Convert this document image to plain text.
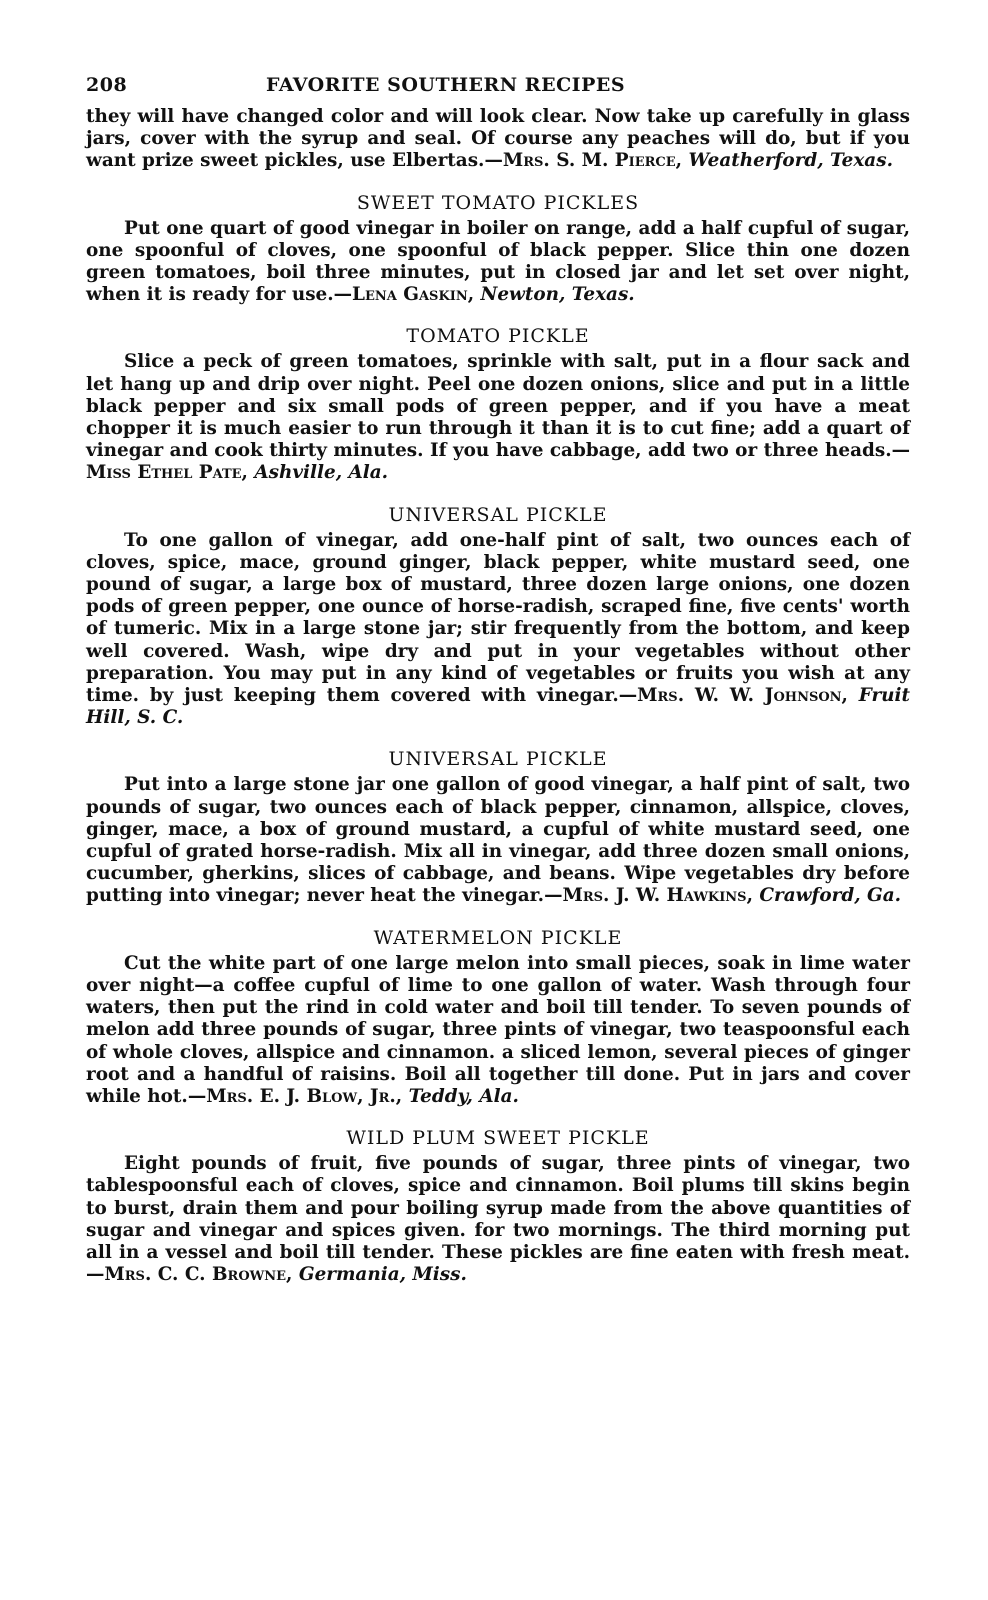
208	FAVORITE SOUTHERN RECIPES

they will have changed color and will look clear. Now take up carefully in glass jars, cover with the syrup and seal. Of course any peaches will do, but if you want prize sweet pickles, use Elbertas.—Mrs. S. M. Pierce, Weatherford, Texas.

SWEET TOMATO PICKLES

Put one quart of good vinegar in boiler on range, add a half cupful of sugar, one spoonful of cloves, one spoonful of black pepper. Slice thin one dozen green tomatoes, boil three minutes, put in closed jar and let set over night, when it is ready for use.—Lena Gaskin, Newton, Texas.

TOMATO PICKLE

Slice a peck of green tomatoes, sprinkle with salt, put in a flour sack and let hang up and drip over night. Peel one dozen onions, slice and put in a little black pepper and six small pods of green pepper, and if you have a meat chopper it is much easier to run through it than it is to cut fine; add a quart of vinegar and cook thirty minutes. If you have cabbage, add two or three heads.—Miss Ethel Pate, Ashville, Ala.

UNIVERSAL PICKLE

To one gallon of vinegar, add one-half pint of salt, two ounces each of cloves, spice, mace, ground ginger, black pepper, white mustard seed, one pound of sugar, a large box of mustard, three dozen large onions, one dozen pods of green pepper, one ounce of horse-radish, scraped fine, five cents' worth of tumeric. Mix in a large stone jar; stir frequently from the bottom, and keep well covered. Wash, wipe dry and put in your vegetables without other preparation. You may put in any kind of vegetables or fruits you wish at any time. by just keeping them covered with vinegar.—Mrs. W. W. Johnson, Fruit Hill, S. C.

UNIVERSAL PICKLE

Put into a large stone jar one gallon of good vinegar, a half pint of salt, two pounds of sugar, two ounces each of black pepper, cinnamon, allspice, cloves, ginger, mace, a box of ground mustard, a cupful of white mustard seed, one cupful of grated horse-radish. Mix all in vinegar, add three dozen small onions, cucumber, gherkins, slices of cabbage, and beans. Wipe vegetables dry before putting into vinegar; never heat the vinegar.—Mrs. J. W. Hawkins, Crawford, Ga.

WATERMELON PICKLE

Cut the white part of one large melon into small pieces, soak in lime water over night—a coffee cupful of lime to one gallon of water. Wash through four waters, then put the rind in cold water and boil till tender. To seven pounds of melon add three pounds of sugar, three pints of vinegar, two teaspoonsful each of whole cloves, allspice and cinnamon. a sliced lemon, several pieces of ginger root and a handful of raisins. Boil all together till done. Put in jars and cover while hot.—Mrs. E. J. Blow, Jr., Teddy, Ala.

WILD PLUM SWEET PICKLE

Eight pounds of fruit, five pounds of sugar, three pints of vinegar, two tablespoonsful each of cloves, spice and cinnamon. Boil plums till skins begin to burst, drain them and pour boiling syrup made from the above quantities of sugar and vinegar and spices given. for two mornings. The third morning put all in a vessel and boil till tender. These pickles are fine eaten with fresh meat.—Mrs. C. C. Browne, Germania, Miss.
